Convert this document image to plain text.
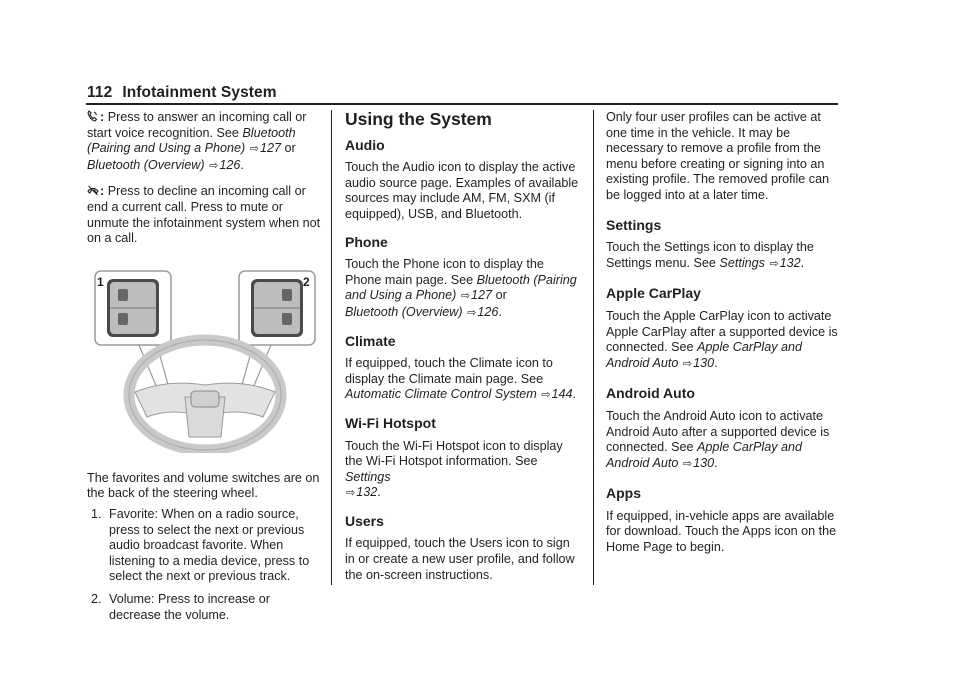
112 Infotainment System

: Press to answer an incoming call or start voice recognition. See Bluetooth (Pairing and Using a Phone) ⇨127 or Bluetooth (Overview) ⇨126.

: Press to decline an incoming call or end a current call. Press to mute or unmute the infotainment system when not on a call.

1	2

The favorites and volume switches are on the back of the steering wheel.

1. Favorite: When on a radio source, press to select the next or previous audio broadcast favorite. When listening to a media device, press to select the next or previous track.
2. Volume: Press to increase or decrease the volume.
Using the System
Audio

Touch the Audio icon to display the active audio source page. Examples of available sources may include AM, FM, SXM (if equipped), USB, and Bluetooth.

Phone

Touch the Phone icon to display the Phone main page. See Bluetooth (Pairing and Using a Phone) ⇨127 or
Bluetooth (Overview) ⇨126.

Climate

If equipped, touch the Climate icon to display the Climate main page. See Automatic Climate Control System ⇨144.

Wi-Fi Hotspot

Touch the Wi-Fi Hotspot icon to display the Wi-Fi Hotspot information. See Settings
⇨132.

Users

If equipped, touch the Users icon to sign in or create a new user profile, and follow the on-screen instructions.

Only four user profiles can be active at one time in the vehicle. It may be necessary to remove a profile from the menu before creating or signing into an existing profile. The removed profile can be logged into at a later time.

Settings

Touch the Settings icon to display the Settings menu. See Settings ⇨132.

Apple CarPlay

Touch the Apple CarPlay icon to activate Apple CarPlay after a supported device is connected. See Apple CarPlay and Android Auto ⇨130.

Android Auto

Touch the Android Auto icon to activate Android Auto after a supported device is connected. See Apple CarPlay and Android Auto ⇨130.

Apps

If equipped, in-vehicle apps are available for download. Touch the Apps icon on the Home Page to begin.
